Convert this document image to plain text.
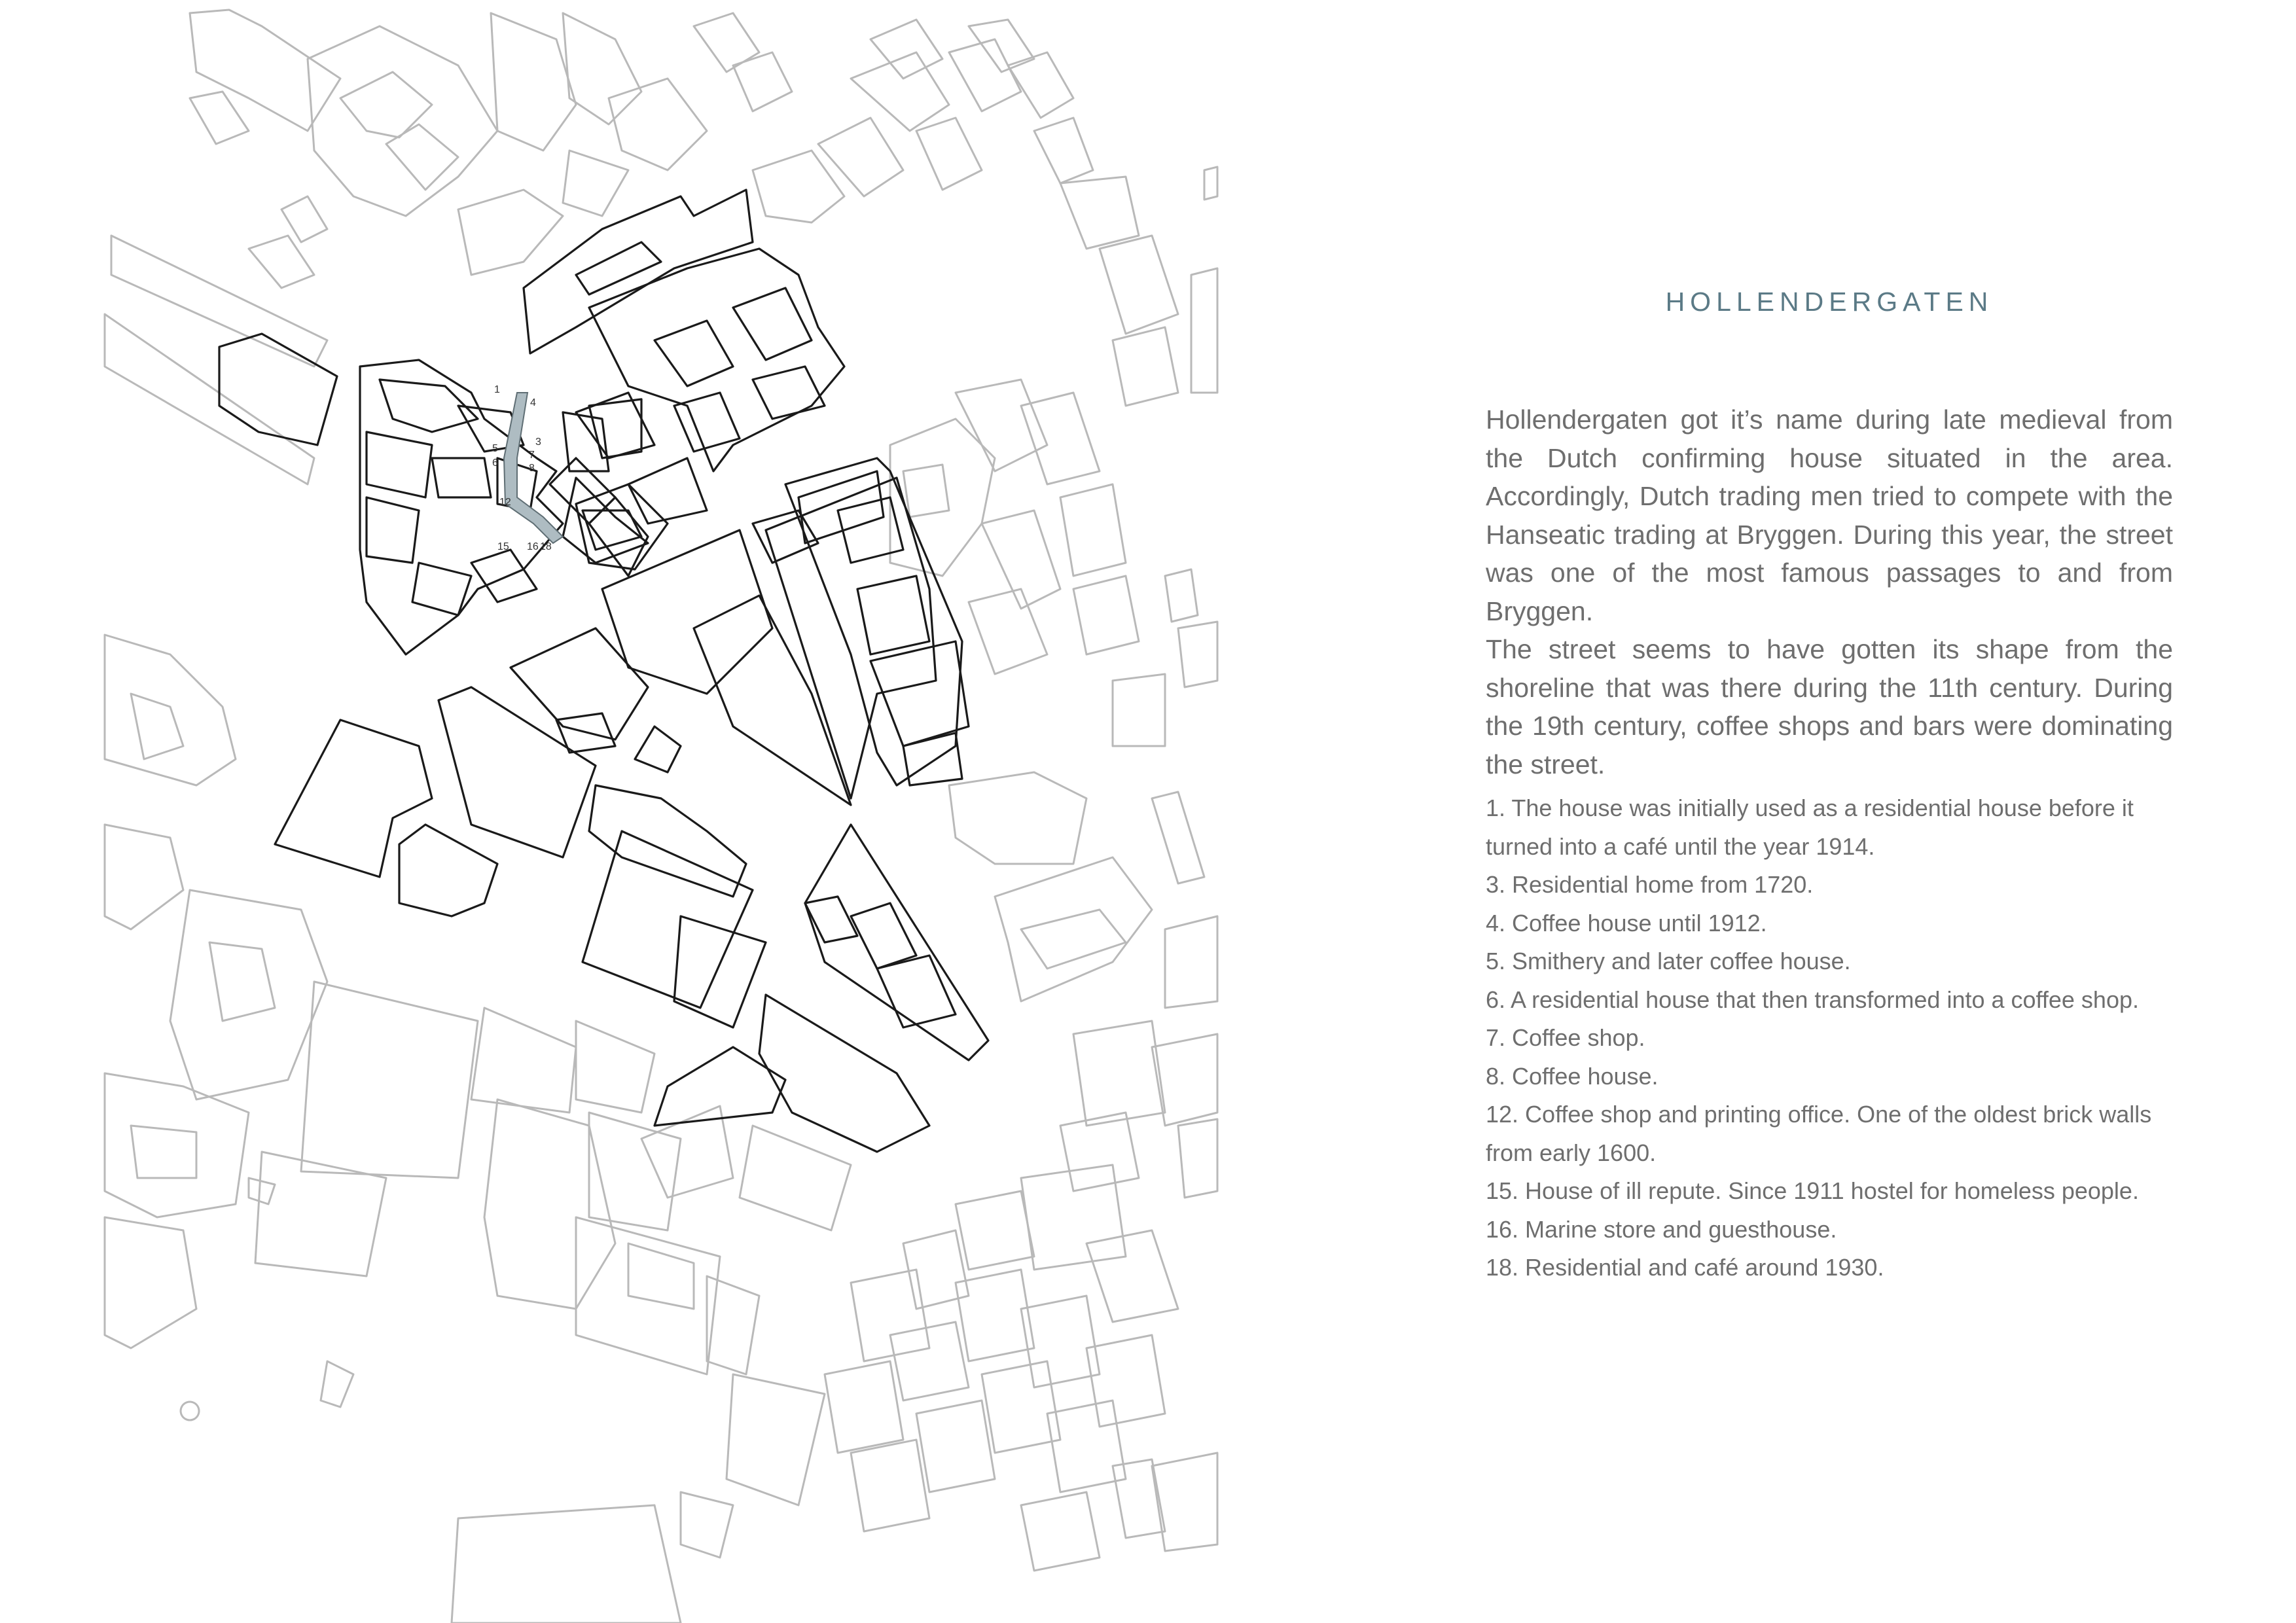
1
3
4
5
6
7
8
12
15 16 18
HOLLENDERGATEN

Hollendergaten got it’s name during late medieval from the Dutch confirming house situated in the area. Accordingly, Dutch trading men tried to compete with the Hanseatic trading at Bryggen. During this year, the street was one of the most famous passages to and from Bryggen.

The street seems to have gotten its shape from the shoreline that was there during the 11th century. During the 19th century, coffee shops and bars were dominating the street.

1. The house was initially used as a residential house before it turned into a café until the year 1914.
3. Residential home from 1720.
4. Coffee house until 1912.
5. Smithery and later coffee house.
6. A residential house that then transformed into a coffee shop.
7. Coffee shop.
8. Coffee house.
12. Coffee shop and printing office. One of the oldest brick walls from early 1600.
15. House of ill repute. Since 1911 hostel for homeless people.
16. Marine store and guesthouse.
18. Residential and café around 1930.
